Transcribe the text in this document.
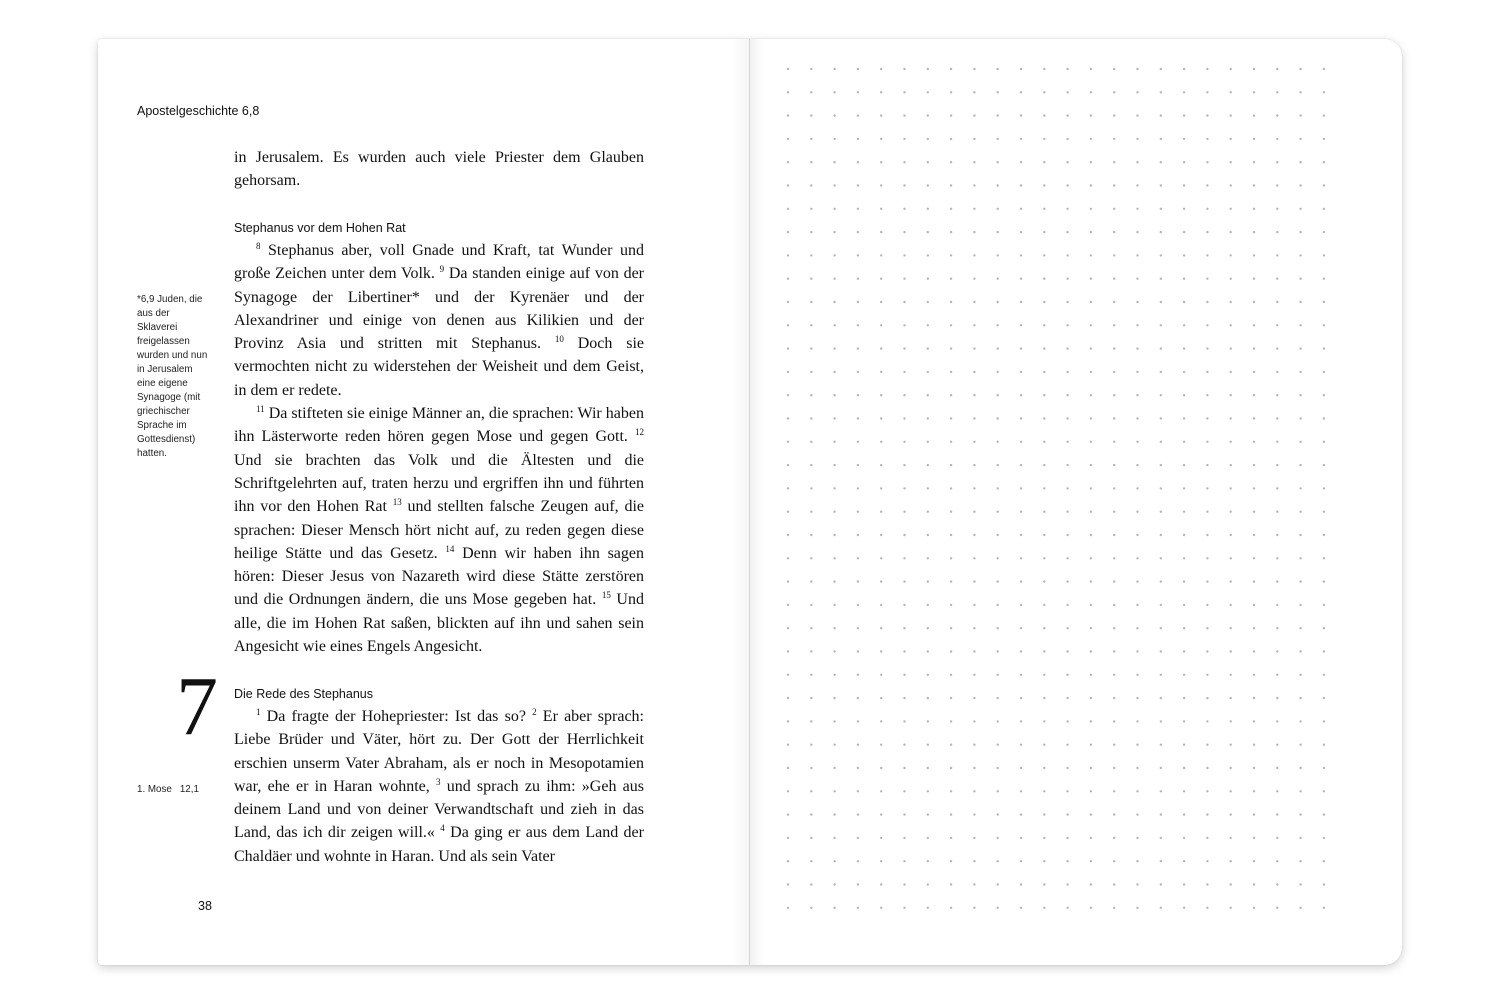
Apostelgeschichte 6,8

in Jerusalem. Es wurden auch viele Priester dem Glauben gehorsam.

Stephanus vor dem Hohen Rat

$^8$ Stephanus aber, voll Gnade und Kraft, tat Wunder und große Zeichen unter dem Volk. $^9$ Da standen einige auf von der Synagoge der Libertiner* und der Kyrenäer und der Alexandriner und einige von denen aus Kilikien und der Provinz Asia und stritten mit Stephanus. $^{10}$ Doch sie vermochten nicht zu widerstehen der Weisheit und dem Geist, in dem er redete.

$^{11}$ Da stifteten sie einige Männer an, die sprachen: Wir haben ihn Lästerworte reden hören gegen Mose und gegen Gott. $^{12}$ Und sie brachten das Volk und die Ältesten und die Schriftgelehrten auf, traten herzu und ergriffen ihn und führten ihn vor den Hohen Rat $^{13}$ und stellten falsche Zeugen auf, die sprachen: Dieser Mensch hört nicht auf, zu reden gegen diese heilige Stätte und das Gesetz. $^{14}$ Denn wir haben ihn sagen hören: Dieser Jesus von Nazareth wird diese Stätte zerstören und die Ordnungen ändern, die uns Mose gegeben hat. $^{15}$ Und alle, die im Hohen Rat saßen, blickten auf ihn und sahen sein Angesicht wie eines Engels Angesicht.

*6,9 Juden, die aus der Sklaverei freigelassen wurden und nun in Jerusalem eine eigene Synagoge (mit griechischer Sprache im Gottesdienst) hatten.
7 Die Rede des Stephanus

$^1$ Da fragte der Hohepriester: Ist das so? $^2$ Er aber sprach: Liebe Brüder und Väter, hört zu. Der Gott der Herrlichkeit erschien unserm Vater Abraham, als er noch in Mesopotamien war, ehe er in Haran wohnte, $^3$ und sprach zu ihm: »Geh aus deinem Land und von deiner Verwandtschaft und zieh in das Land, das ich dir zeigen will.« $^4$ Da ging er aus dem Land der Chaldäer und wohnte in Haran. Und als sein Vater

1. Mose 12,1
38
